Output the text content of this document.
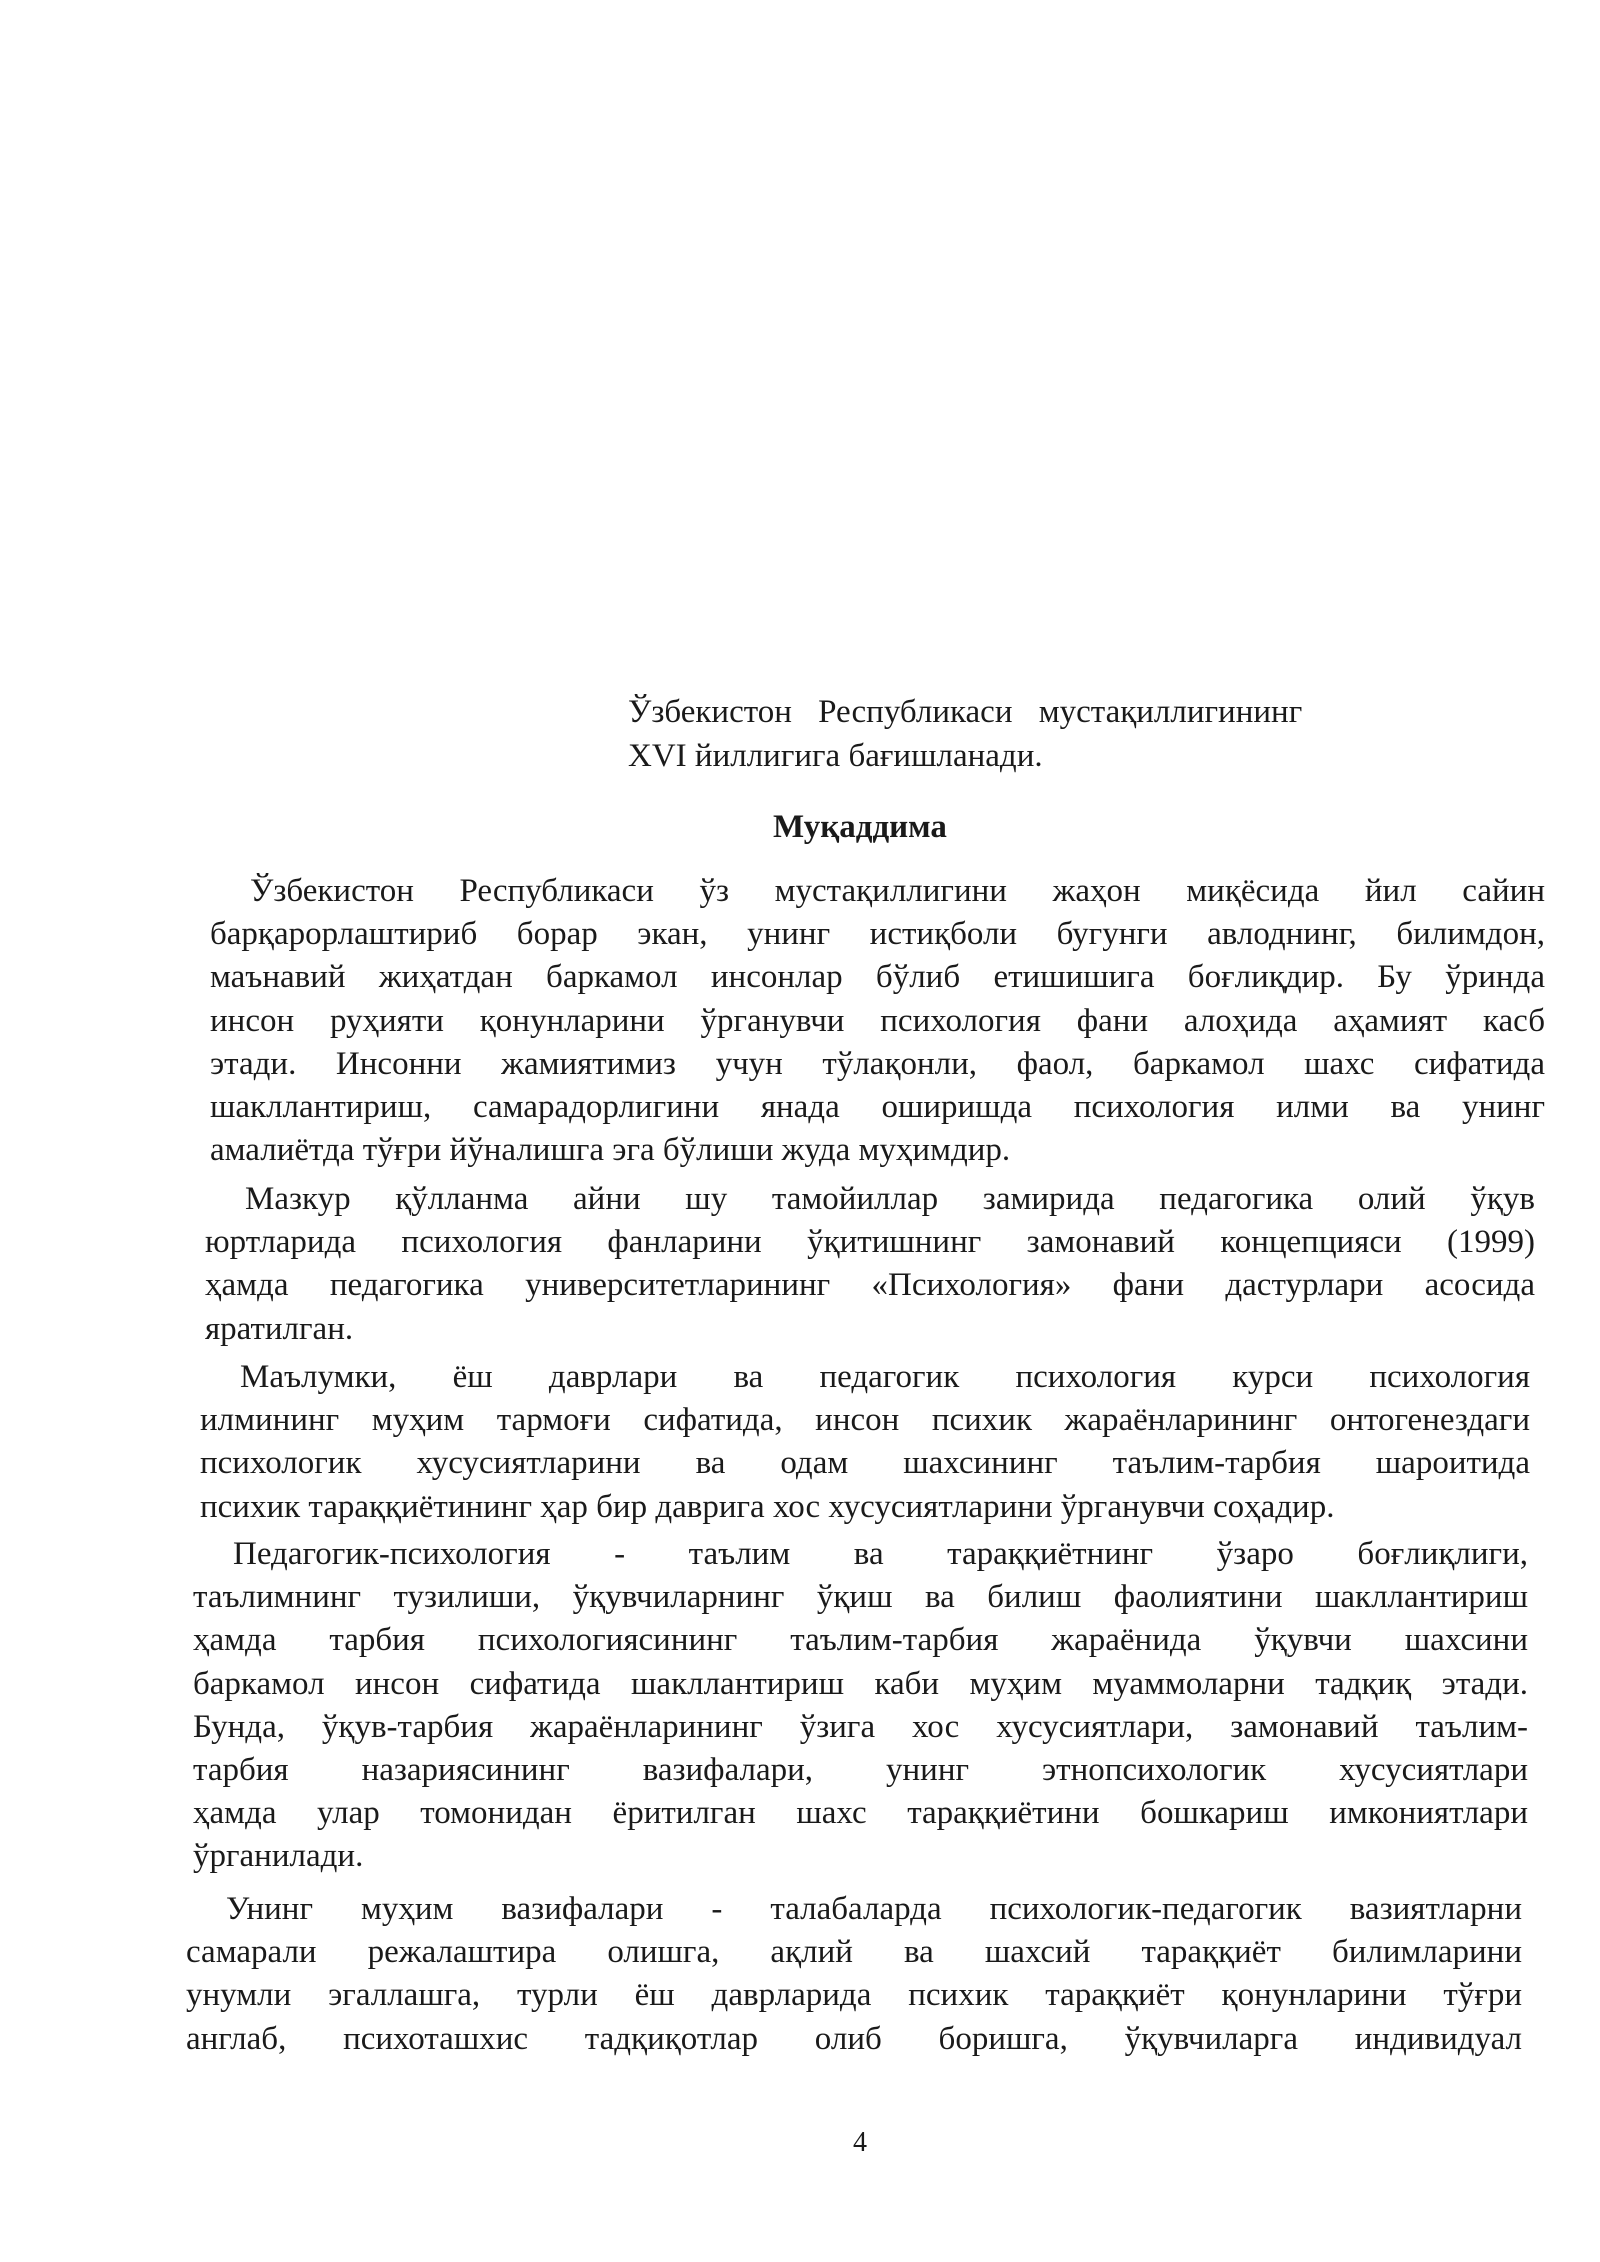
Ўзбекистон Республикаси мустақиллигининг
XVI йиллигига бағишланади.
Муқаддима
Ўзбекистон Республикаси ўз мустақиллигини жаҳон миқёсида йил сайин
барқарорлаштириб борар экан, унинг истиқболи бугунги авлоднинг, билимдон,
маънавий жиҳатдан баркамол инсонлар бўлиб етишишига боғлиқдир. Бу ўринда
инсон руҳияти қонунларини ўрганувчи психология фани алоҳида аҳамият касб
этади. Инсонни жамиятимиз учун тўлақонли, фаол, баркамол шахс сифатида
шакллантириш, самарадорлигини янада оширишда психология илми ва унинг
амалиётда тўғри йўналишга эга бўлиши жуда муҳимдир.
Мазкур қўлланма айни шу тамойиллар замирида педагогика олий ўқув
юртларида психология фанларини ўқитишнинг замонавий концепцияси (1999)
ҳамда педагогика университетларининг «Психология» фани дастурлари асосида
яратилган.
Маълумки, ёш даврлари ва педагогик психология курси психология
илмининг муҳим тармоғи сифатида, инсон психик жараёнларининг онтогенездаги
психологик хусусиятларини ва одам шахсининг таълим-тарбия шароитида
психик тараққиётининг ҳар бир даврига хос хусусиятларини ўрганувчи соҳадир.
Педагогик-психология - таълим ва тараққиётнинг ўзаро боғлиқлиги,
таълимнинг тузилиши, ўқувчиларнинг ўқиш ва билиш фаолиятини шакллантириш
ҳамда тарбия психологиясининг таълим-тарбия жараёнида ўқувчи шахсини
баркамол инсон сифатида шакллантириш каби муҳим муаммоларни тадқиқ этади.
Бунда, ўқув-тарбия жараёнларининг ўзига хос хусусиятлари, замонавий таълим-
тарбия назариясининг вазифалари, унинг этнопсихологик хусусиятлари
ҳамда улар томонидан ёритилган шахс тараққиётини бошкариш имкониятлари
ўрганилади.
Унинг муҳим вазифалари - талабаларда психологик-педагогик вазиятларни
самарали режалаштира олишга, ақлий ва шахсий тараққиёт билимларини
унумли эгаллашга, турли ёш даврларида психик тараққиёт қонунларини тўғри
англаб, психоташхис тадқиқотлар олиб боришга, ўқувчиларга индивидуал
4
